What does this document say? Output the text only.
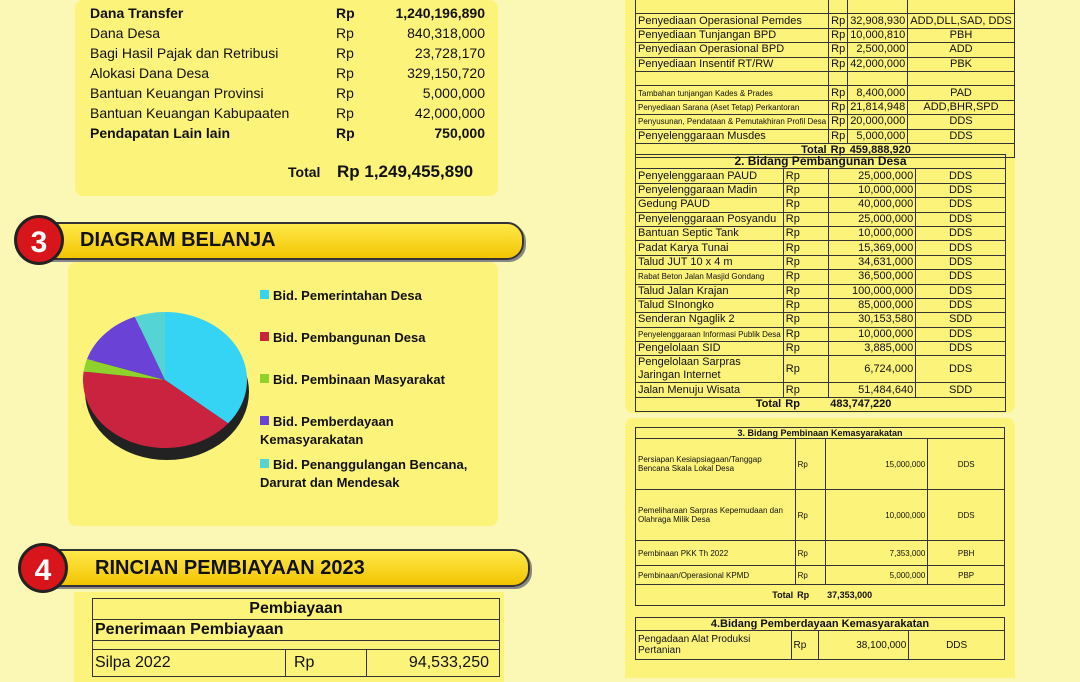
Dana Transfer	Rp	1,240,196,890
Dana Desa	Rp	840,318,000
Bagi Hasil Pajak dan Retribusi	Rp	23,728,170
Alokasi Dana Desa	Rp	329,150,720
Bantuan Keuangan Provinsi	Rp	5,000,000
Bantuan Keuangan Kabupaaten	Rp	42,000,000
Pendapatan Lain lain	Rp	750,000
Total Rp 1,249,455,890
3	DIAGRAM BELANJA
Bid. Pemerintahan Desa
Bid. Pembangunan Desa
Bid. Pembinaan Masyarakat
Bid. Pemberdayaan Kemasyarakatan
Bid. Penanggulangan Bencana, Darurat dan Mendesak
4	RINCIAN PEMBIAYAAN 2023
Pembiayaan
Penerimaan Pembiayaan

Silpa 2022	Rp	94,533,250

Penyediaan Operasional Pemdes	Rp	32,908,930	ADD,DLL,SAD, DDS
Penyediaan Tunjangan BPD	Rp	10,000,810	PBH
Penyediaan Operasional BPD	Rp	2,500,000	ADD
Penyediaan Insentif RT/RW	Rp	42,000,000	PBK

Tambahan tunjangan Kades & Prades	Rp	8,400,000	PAD
Penyediaan Sarana (Aset Tetap) Perkantoran	Rp	21,814,948	ADD,BHR,SPD
Penyusunan, Pendataan & Pemutakhiran Profil Desa	Rp	20,000,000	DDS
Penyelenggaraan Musdes	Rp	5,000,000	DDS
Total	Rp	459,888,920	
2. Bidang Pembangunan Desa			
Penyelenggaraan PAUD	Rp	25,000,000	DDS
Penyelenggaraan Madin	Rp	10,000,000	DDS
Gedung PAUD	Rp	40,000,000	DDS
Penyelenggaraan Posyandu	Rp	25,000,000	DDS
Bantuan Septic Tank	Rp	10,000,000	DDS
Padat Karya Tunai	Rp	15,369,000	DDS
Talud JUT 10 x 4 m	Rp	34,631,000	DDS
Rabat Beton Jalan Masjid Gondang	Rp	36,500,000	DDS
Talud Jalan Krajan	Rp	100,000,000	DDS
Talud SInongko	Rp	85,000,000	DDS
Senderan Ngaglik 2	Rp	30,153,580	SDD
Penyelenggaraan Informasi Publik Desa	Rp	10,000,000	DDS
Pengelolaan SID	Rp	3,885,000	DDS
Pengelolaan Sarpras Jaringan Internet	Rp	6,724,000	DDS
Jalan Menuju Wisata	Rp	51,484,640	SDD
Total	Rp	483,747,220	
3. Bidang Pembinaan Kemasyarakatan			
Persiapan Kesiapsiagaan/Tanggap Bencana Skala Lokal Desa	Rp	15,000,000	DDS
Pemeliharaan Sarpras Kepemudaan dan Olahraga Milik Desa	Rp	10,000,000	DDS
Pembinaan PKK Th 2022	Rp	7,353,000	PBH
Pembinaan/Operasional KPMD	Rp	5,000,000	PBP
Total	Rp	37,353,000	
4.Bidang Pemberdayaan Kemasyarakatan
Pengadaan Alat Produksi Pertanian	Rp	38,100,000	DDS
